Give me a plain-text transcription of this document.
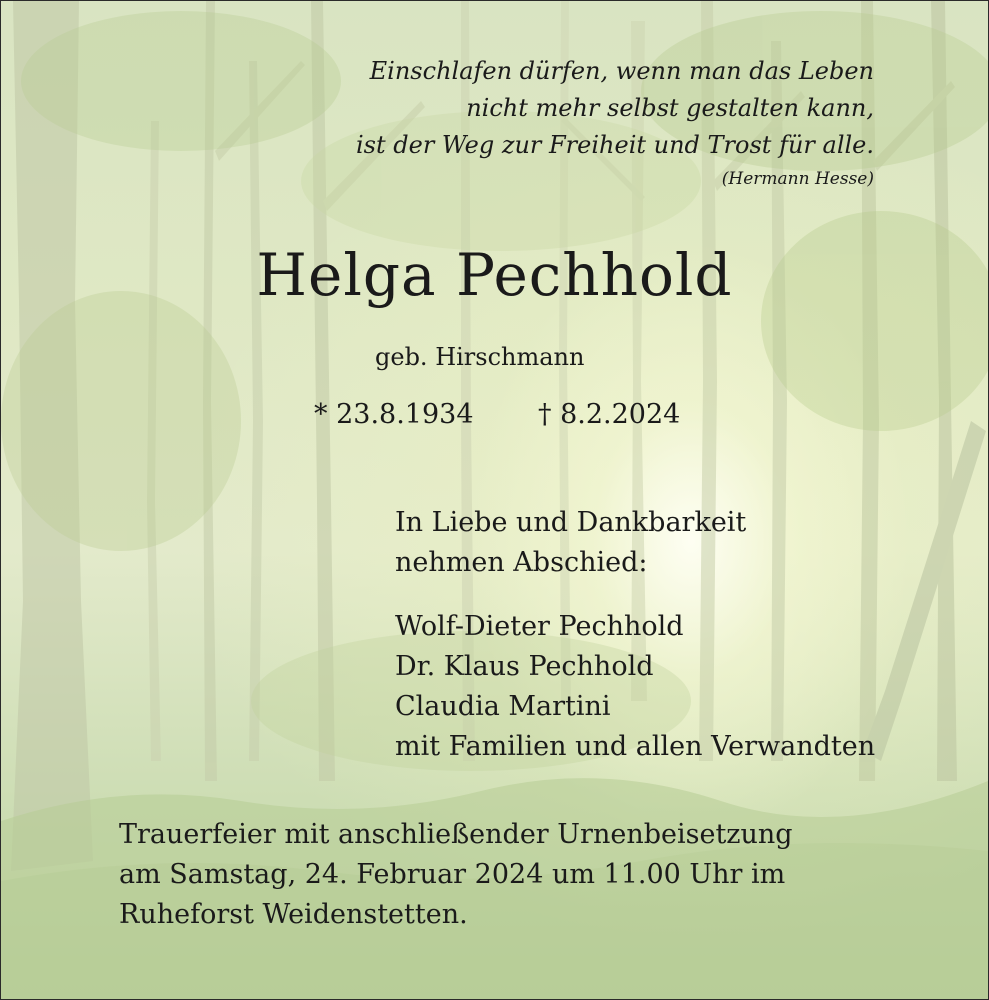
Einschlafen dürfen, wenn man das Leben
nicht mehr selbst gestalten kann,
ist der Weg zur Freiheit und Trost für alle.
(Hermann Hesse)
Helga Pechhold
geb. Hirschmann
* 23.8.1934 † 8.2.2024
In Liebe und Dankbarkeit
nehmen Abschied:
Wolf-Dieter Pechhold
Dr. Klaus Pechhold
Claudia Martini
mit Familien und allen Verwandten
Trauerfeier mit anschließender Urnenbeisetzung
am Samstag, 24. Februar 2024 um 11.00 Uhr im
Ruheforst Weidenstetten.
